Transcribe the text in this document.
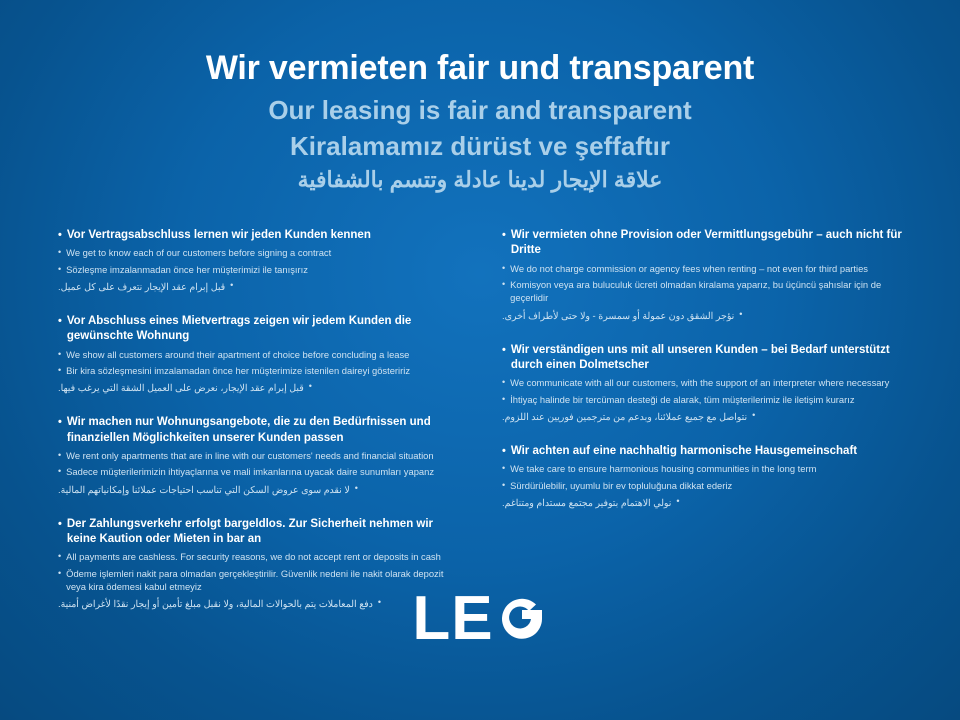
Wir vermieten fair und transparent
Our leasing is fair and transparent
Kiralamamız dürüst ve şeffaftır
علاقة الإيجار لدينا عادلة وتتسم بالشفافية
• Vor Vertragsabschluss lernen wir jeden Kunden kennen
• We get to know each of our customers before signing a contract
• Sözleşme imzalanmadan önce her müşterimizi ile tanışırız
•
قبل إبرام عقد الإيجار نتعرف على كل عميل.
• Vor Abschluss eines Mietvertrags zeigen wir jedem Kunden die gewünschte Wohnung
• We show all customers around their apartment of choice before concluding a lease
• Bir kira sözleşmesini imzalamadan önce her müşterimize istenilen daireyi gösteririz
•
قبل إبرام عقد الإيجار، نعرض على العميل الشقة التي يرغب فيها.
• Wir machen nur Wohnungsangebote, die zu den Bedürfnissen und finanziellen Möglichkeiten unserer Kunden passen
• We rent only apartments that are in line with our customers' needs and financial situation
• Sadece müşterilerimizin ihtiyaçlarına ve mali imkanlarına uyacak daire sunumları yapanz
•
لا نقدم سوى عروض السكن التي تناسب احتياجات عملائنا وإمكانياتهم المالية.
• Der Zahlungsverkehr erfolgt bargeldlos. Zur Sicherheit nehmen wir keine Kaution oder Mieten in bar an
• All payments are cashless. For security reasons, we do not accept rent or deposits in cash
• Ödeme işlemleri nakit para olmadan gerçekleştirilir. Güvenlik nedeni ile nakit olarak depozit veya kira ödemesi kabul etmeyiz
•
دفع المعاملات يتم بالحوالات المالية، ولا نقبل مبلغ تأمين أو إيجار نقدًا لأغراض أمنية.
• Wir vermieten ohne Provision oder Vermittlungsgebühr – auch nicht für Dritte
• We do not charge commission or agency fees when renting – not even for third parties
• Komisyon veya ara buluculuk ücreti olmadan kiralama yaparız, bu üçüncü şahıslar için de geçerlidir
•
نؤجر الشقق دون عمولة أو سمسرة - ولا حتى لأطراف أخرى.
• Wir verständigen uns mit all unseren Kunden – bei Bedarf unterstützt durch einen Dolmetscher
• We communicate with all our customers, with the support of an interpreter where necessary
• İhtiyaç halinde bir tercüman desteği de alarak, tüm müşterilerimiz ile iletişim kurarız
•
نتواصل مع جميع عملائنا، وبدعم من مترجمين فوريين عند اللزوم.
• Wir achten auf eine nachhaltig harmonische Hausgemeinschaft
• We take care to ensure harmonious housing communities in the long term
• Sürdürülebilir, uyumlu bir ev topluluğuna dikkat ederiz
•
نولي الاهتمام بتوفير مجتمع مستدام ومتناغم.
LE
